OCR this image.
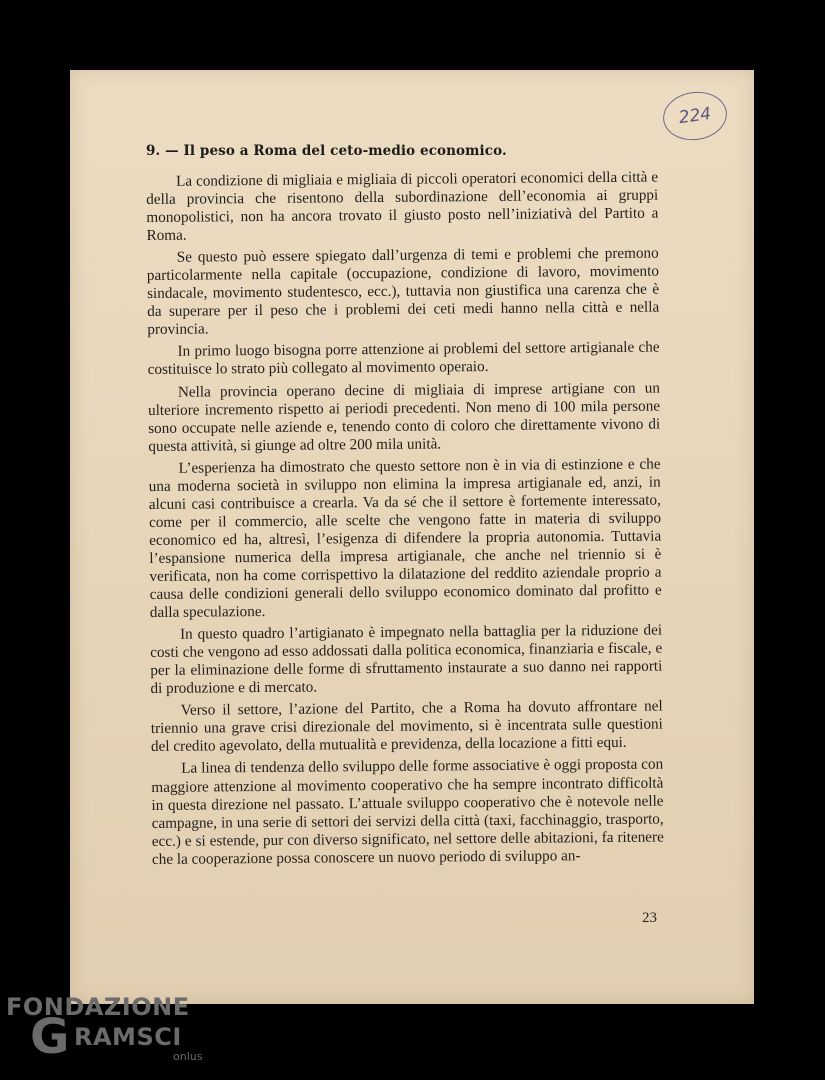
224
9. — Il peso a Roma del ceto-medio economico.

La condizione di migliaia e migliaia di piccoli operatori economici della città e della provincia che risentono della subordinazione dell’economia ai gruppi monopolistici, non ha ancora trovato il giusto posto nell’iniziativà del Partito a Roma.

Se questo può essere spiegato dall’urgenza di temi e problemi che premono particolarmente nella capitale (occupazione, condizione di lavoro, movimento sindacale, movimento studentesco, ecc.), tuttavia non giustifica una carenza che è da superare per il peso che i problemi dei ceti medi hanno nella città e nella provincia.

In primo luogo bisogna porre attenzione ai problemi del settore artigianale che costituisce lo strato più collegato al movimento operaio.

Nella provincia operano decine di migliaia di imprese artigiane con un ulteriore incremento rispetto ai periodi precedenti. Non meno di 100 mila persone sono occupate nelle aziende e, tenendo conto di coloro che direttamente vivono di questa attività, si giunge ad oltre 200 mila unità.

L’esperienza ha dimostrato che questo settore non è in via di estinzione e che una moderna società in sviluppo non elimina la impresa artigianale ed, anzi, in alcuni casi contribuisce a crearla. Va da sé che il settore è fortemente interessato, come per il commercio, alle scelte che vengono fatte in materia di sviluppo economico ed ha, altresì, l’esigenza di difendere la propria autonomia. Tuttavia l’espansione numerica della impresa artigianale, che anche nel triennio si è verificata, non ha come corrispettivo la dilatazione del reddito aziendale proprio a causa delle condizioni generali dello sviluppo economico dominato dal profitto e dalla speculazione.

In questo quadro l’artigianato è impegnato nella battaglia per la riduzione dei costi che vengono ad esso addossati dalla politica economica, finanziaria e fiscale, e per la eliminazione delle forme di sfruttamento instaurate a suo danno nei rapporti di produzione e di mercato.

Verso il settore, l’azione del Partito, che a Roma ha dovuto affrontare nel triennio una grave crisi direzionale del movimento, si è incentrata sulle questioni del credito agevolato, della mutualità e previdenza, della locazione a fitti equi.

La linea di tendenza dello sviluppo delle forme associative è oggi proposta con maggiore attenzione al movimento cooperativo che ha sempre incontrato difficoltà in questa direzione nel passato. L’attuale sviluppo cooperativo che è notevole nelle campagne, in una serie di settori dei servizi della città (taxi, facchinaggio, trasporto, ecc.) e si estende, pur con diverso significato, nel settore delle abitazioni, fa ritenere che la cooperazione possa conoscere un nuovo periodo di sviluppo an-

23
FONDAZIONE
G RAMSCI
onlus
